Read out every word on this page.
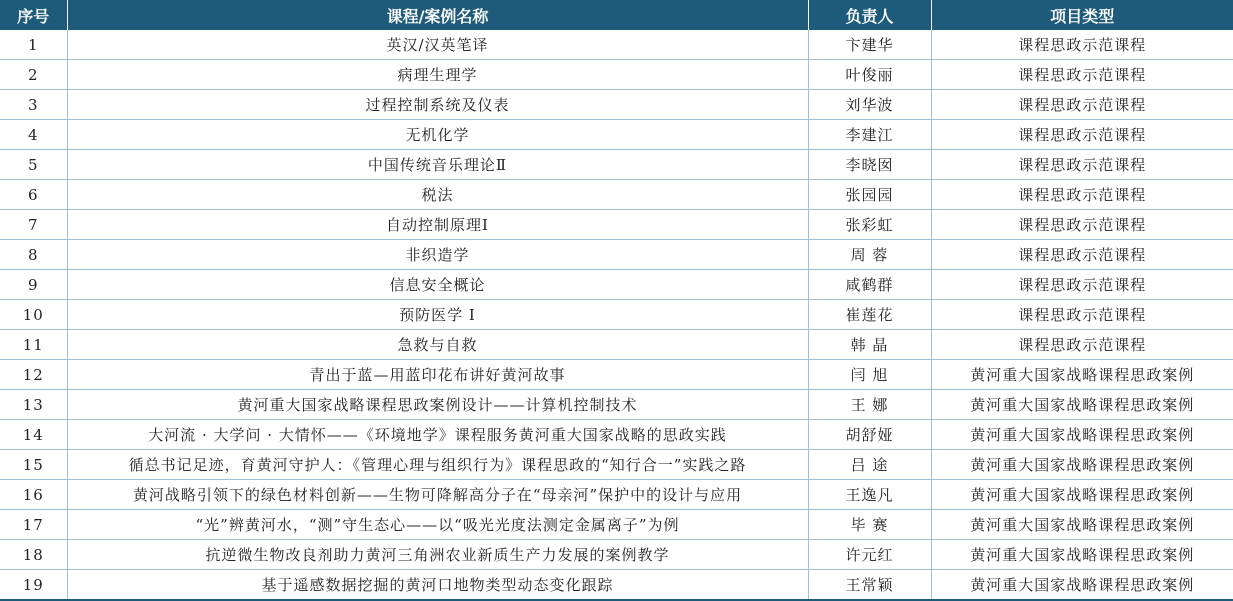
序号	课程/案例名称	负责人	项目类型
1	英汉/汉英笔译	卞建华	课程思政示范课程
2	病理生理学	叶俊丽	课程思政示范课程
3	过程控制系统及仪表	刘华波	课程思政示范课程
4	无机化学	李建江	课程思政示范课程
5	中国传统音乐理论Ⅱ	李晓囡	课程思政示范课程
6	税法	张园园	课程思政示范课程
7	自动控制原理Ⅰ	张彩虹	课程思政示范课程
8	非织造学	周 蓉	课程思政示范课程
9	信息安全概论	咸鹤群	课程思政示范课程
10	预防医学 Ⅰ	崔莲花	课程思政示范课程
11	急救与自救	韩 晶	课程思政示范课程
12	青出于蓝—用蓝印花布讲好黄河故事	闫 旭	黄河重大国家战略课程思政案例
13	黄河重大国家战略课程思政案例设计——计算机控制技术	王 娜	黄河重大国家战略课程思政案例
14	大河流 · 大学问 · 大情怀——《环境地学》课程服务黄河重大国家战略的思政实践	胡舒娅	黄河重大国家战略课程思政案例
15	循总书记足迹，育黄河守护人：《管理心理与组织行为》课程思政的“知行合一”实践之路	吕 途	黄河重大国家战略课程思政案例
16	黄河战略引领下的绿色材料创新——生物可降解高分子在“母亲河”保护中的设计与应用	王逸凡	黄河重大国家战略课程思政案例
17	“光”辨黄河水，“测”守生态心——以“吸光光度法测定金属离子”为例	毕 赛	黄河重大国家战略课程思政案例
18	抗逆微生物改良剂助力黄河三角洲农业新质生产力发展的案例教学	许元红	黄河重大国家战略课程思政案例
19	基于遥感数据挖掘的黄河口地物类型动态变化跟踪	王常颖	黄河重大国家战略课程思政案例
